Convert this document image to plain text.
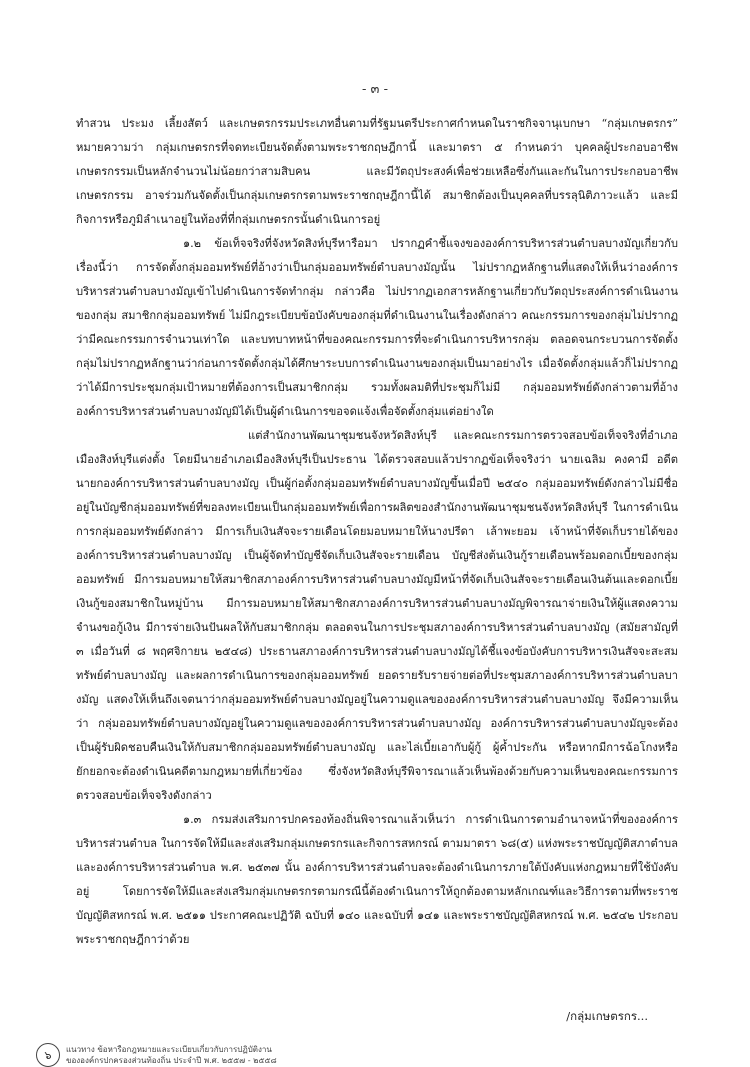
- ๓ -

ทำสวน ประมง เลี้ยงสัตว์ และเกษตรกรรมประเภทอื่นตามที่รัฐมนตรีประกาศกำหนดในราชกิจจานุเบกษา “กลุ่มเกษตรกร” หมายความว่า กลุ่มเกษตรกรที่จดทะเบียนจัดตั้งตามพระราชกฤษฎีกานี้ และมาตรา ๕ กำหนดว่า บุคคลผู้ประกอบอาชีพเกษตรกรรมเป็นหลักจำนวนไม่น้อยกว่าสามสิบคน และมีวัตถุประสงค์เพื่อช่วยเหลือซึ่งกันและกันในการประกอบอาชีพเกษตรกรรม อาจร่วมกันจัดตั้งเป็นกลุ่มเกษตรกรตามพระราชกฤษฎีกานี้ได้ สมาชิกต้องเป็นบุคคลที่บรรลุนิติภาวะแล้ว และมีกิจการหรือภูมิลำเนาอยู่ในท้องที่ที่กลุ่มเกษตรกรนั้นดำเนินการอยู่

๑.๒ ข้อเท็จจริงที่จังหวัดสิงห์บุรีหารือมา ปรากฏคำชี้แจงขององค์การบริหารส่วนตำบลบางมัญเกี่ยวกับเรื่องนี้ว่า การจัดตั้งกลุ่มออมทรัพย์ที่อ้างว่าเป็นกลุ่มออมทรัพย์ตำบลบางมัญนั้น ไม่ปรากฏหลักฐานที่แสดงให้เห็นว่าองค์การบริหารส่วนตำบลบางมัญเข้าไปดำเนินการจัดทำกลุ่ม กล่าวคือ ไม่ปรากฏเอกสารหลักฐานเกี่ยวกับวัตถุประสงค์การดำเนินงานของกลุ่ม สมาชิกกลุ่มออมทรัพย์ ไม่มีกฎระเบียบข้อบังคับของกลุ่มที่ดำเนินงานในเรื่องดังกล่าว คณะกรรมการของกลุ่มไม่ปรากฏว่ามีคณะกรรมการจำนวนเท่าใด และบทบาทหน้าที่ของคณะกรรมการที่จะดำเนินการบริหารกลุ่ม ตลอดจนกระบวนการจัดตั้งกลุ่มไม่ปรากฏหลักฐานว่าก่อนการจัดตั้งกลุ่มได้ศึกษาระบบการดำเนินงานของกลุ่มเป็นมาอย่างไร เมื่อจัดตั้งกลุ่มแล้วก็ไม่ปรากฏว่าได้มีการประชุมกลุ่มเป้าหมายที่ต้องการเป็นสมาชิกกลุ่ม รวมทั้งผลมติที่ประชุมก็ไม่มี กลุ่มออมทรัพย์ดังกล่าวตามที่อ้าง องค์การบริหารส่วนตำบลบางมัญมิได้เป็นผู้ดำเนินการขอจดแจ้งเพื่อจัดตั้งกลุ่มแต่อย่างใด

แต่สำนักงานพัฒนาชุมชนจังหวัดสิงห์บุรี และคณะกรรมการตรวจสอบข้อเท็จจริงที่อำเภอเมืองสิงห์บุรีแต่งตั้ง โดยมีนายอำเภอเมืองสิงห์บุรีเป็นประธาน ได้ตรวจสอบแล้วปรากฏข้อเท็จจริงว่า นายเฉลิม คงคามี อดีตนายกองค์การบริหารส่วนตำบลบางมัญ เป็นผู้ก่อตั้งกลุ่มออมทรัพย์ตำบลบางมัญขึ้นเมื่อปี ๒๕๔๐ กลุ่มออมทรัพย์ดังกล่าวไม่มีชื่ออยู่ในบัญชีกลุ่มออมทรัพย์ที่ขอลงทะเบียนเป็นกลุ่มออมทรัพย์เพื่อการผลิตของสำนักงานพัฒนาชุมชนจังหวัดสิงห์บุรี ในการดำเนินการกลุ่มออมทรัพย์ดังกล่าว มีการเก็บเงินสัจจะรายเดือนโดยมอบหมายให้นางปรีดา เล้าพะยอม เจ้าหน้าที่จัดเก็บรายได้ขององค์การบริหารส่วนตำบลบางมัญ เป็นผู้จัดทำบัญชีจัดเก็บเงินสัจจะรายเดือน บัญชีส่งต้นเงินกู้รายเดือนพร้อมดอกเบี้ยของกลุ่มออมทรัพย์ มีการมอบหมายให้สมาชิกสภาองค์การบริหารส่วนตำบลบางมัญมีหน้าที่จัดเก็บเงินสัจจะรายเดือนเงินต้นและดอกเบี้ยเงินกู้ของสมาชิกในหมู่บ้าน มีการมอบหมายให้สมาชิกสภาองค์การบริหารส่วนตำบลบางมัญพิจารณาจ่ายเงินให้ผู้แสดงความจำนงขอกู้เงิน มีการจ่ายเงินปันผลให้กับสมาชิกกลุ่ม ตลอดจนในการประชุมสภาองค์การบริหารส่วนตำบลบางมัญ (สมัยสามัญที่ ๓ เมื่อวันที่ ๘ พฤศจิกายน ๒๕๔๘) ประธานสภาองค์การบริหารส่วนตำบลบางมัญได้ชี้แจงข้อบังคับการบริหารเงินสัจจะสะสมทรัพย์ตำบลบางมัญ และผลการดำเนินการของกลุ่มออมทรัพย์ ยอดรายรับรายจ่ายต่อที่ประชุมสภาองค์การบริหารส่วนตำบลบางมัญ แสดงให้เห็นถึงเจตนาว่ากลุ่มออมทรัพย์ตำบลบางมัญอยู่ในความดูแลขององค์การบริหารส่วนตำบลบางมัญ จึงมีความเห็นว่า กลุ่มออมทรัพย์ตำบลบางมัญอยู่ในความดูแลขององค์การบริหารส่วนตำบลบางมัญ องค์การบริหารส่วนตำบลบางมัญจะต้องเป็นผู้รับผิดชอบคืนเงินให้กับสมาชิกกลุ่มออมทรัพย์ตำบลบางมัญ และไล่เบี้ยเอากับผู้กู้ ผู้ค้ำประกัน หรือหากมีการฉ้อโกงหรือยักยอกจะต้องดำเนินคดีตามกฎหมายที่เกี่ยวข้อง ซึ่งจังหวัดสิงห์บุรีพิจารณาแล้วเห็นพ้องด้วยกับความเห็นของคณะกรรมการตรวจสอบข้อเท็จจริงดังกล่าว

๑.๓ กรมส่งเสริมการปกครองท้องถิ่นพิจารณาแล้วเห็นว่า การดำเนินการตามอำนาจหน้าที่ขององค์การบริหารส่วนตำบล ในการจัดให้มีและส่งเสริมกลุ่มเกษตรกรและกิจการสหกรณ์ ตามมาตรา ๖๘(๕) แห่งพระราชบัญญัติสภาตำบลและองค์การบริหารส่วนตำบล พ.ศ. ๒๕๓๗ นั้น องค์การบริหารส่วนตำบลจะต้องดำเนินการภายใต้บังคับแห่งกฎหมายที่ใช้บังคับอยู่ โดยการจัดให้มีและส่งเสริมกลุ่มเกษตรกรตามกรณีนี้ต้องดำเนินการให้ถูกต้องตามหลักเกณฑ์และวิธีการตามที่พระราชบัญญัติสหกรณ์ พ.ศ. ๒๕๑๑ ประกาศคณะปฏิวัติ ฉบับที่ ๑๔๐ และฉบับที่ ๑๔๑ และพระราชบัญญัติสหกรณ์ พ.ศ. ๒๕๔๒ ประกอบพระราชกฤษฎีกาว่าด้วย

/กลุ่มเกษตรกร...
๖	แนวทาง ข้อหารือกฎหมายและระเบียบเกี่ยวกับการปฏิบัติงาน
ขององค์กรปกครองส่วนท้องถิ่น ประจำปี พ.ศ. ๒๕๕๗ - ๒๕๕๘
